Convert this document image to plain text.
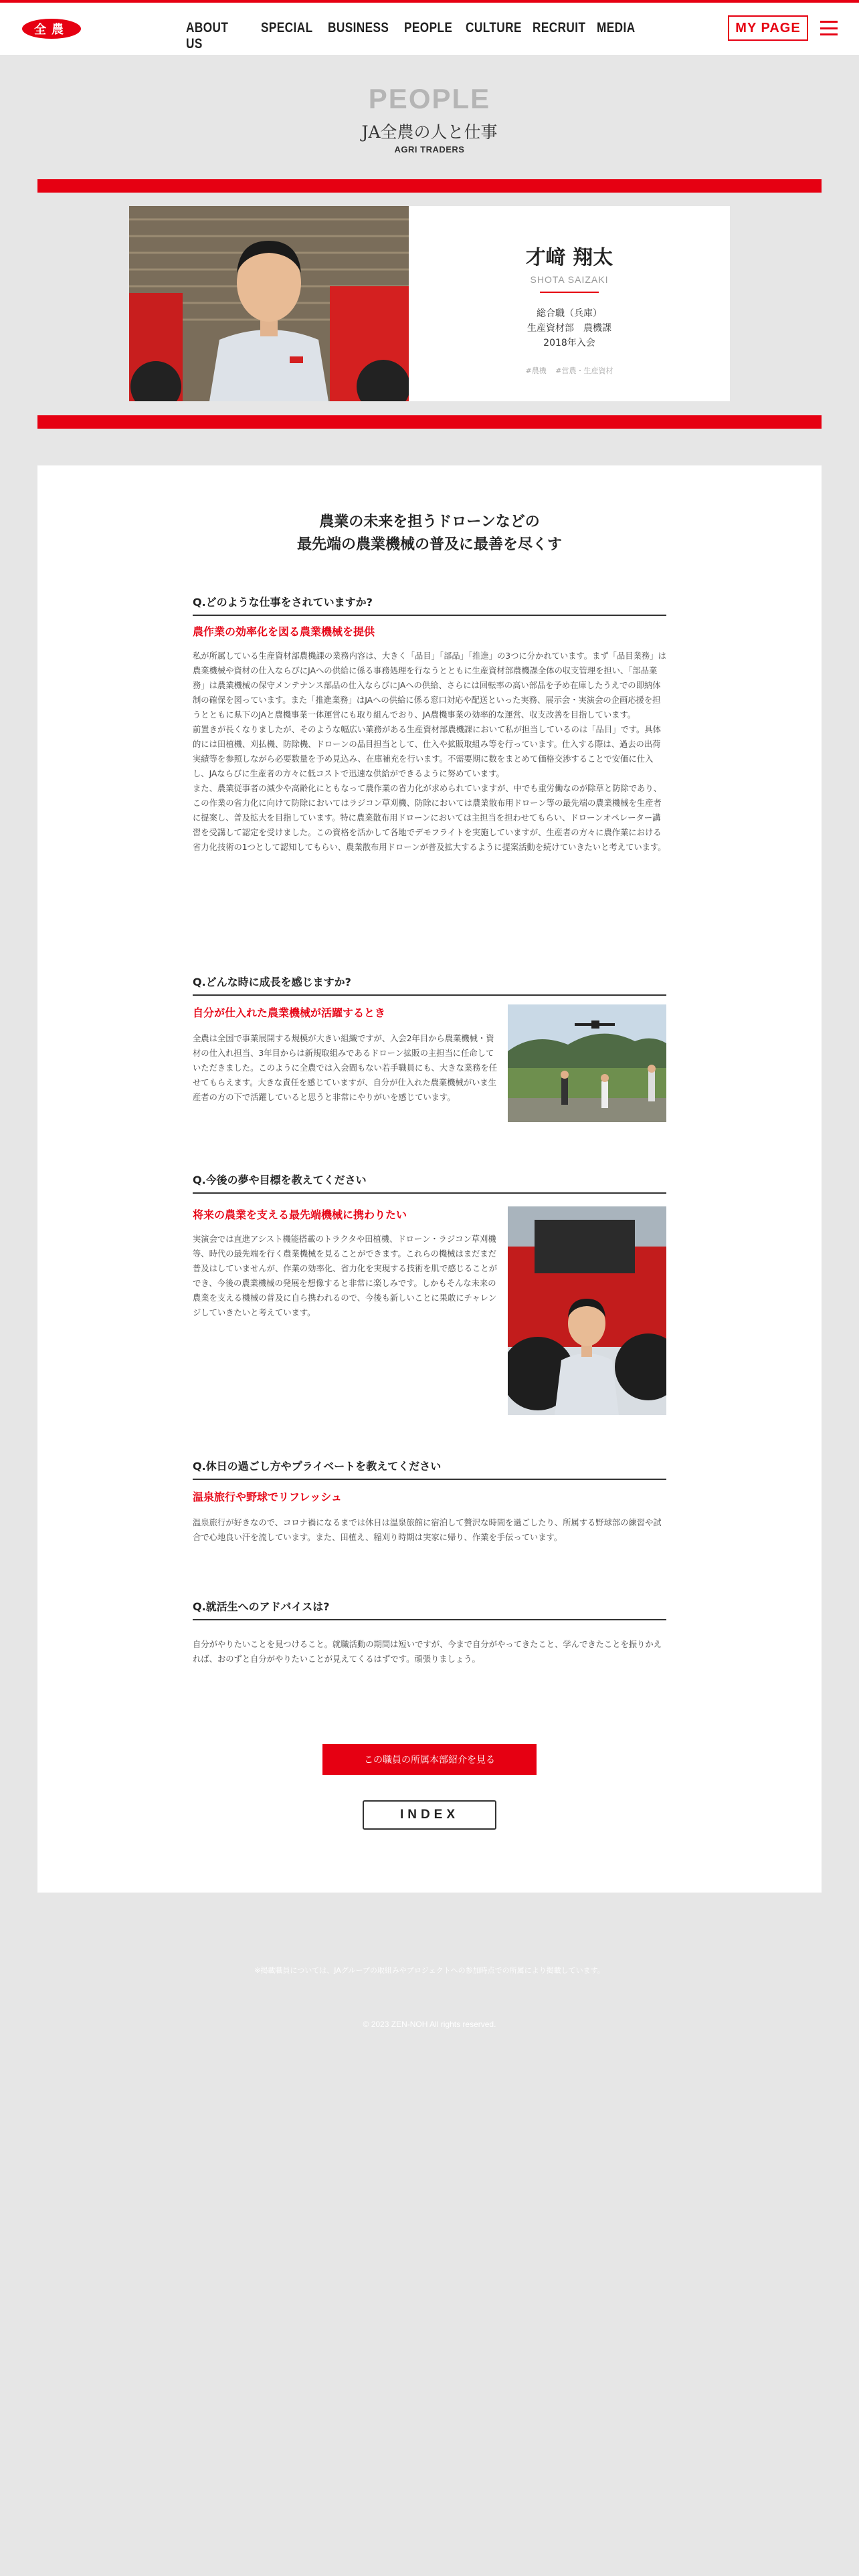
全農	ABOUT US
SPECIAL BUSINESS PEOPLE CULTURE RECRUIT MEDIA	MY PAGE
PEOPLE
JA全農の人と仕事
AGRI TRADERS
才﨑 翔太
SHOTA SAIZAKI
総合職（兵庫）
生産資材部　農機課
2018年入会
#農機 #営農・生産資材
農業の未来を担うドローンなどの
最先端の農業機械の普及に最善を尽くす
Q.どのような仕事をされていますか?
農作業の効率化を図る農業機械を提供

私が所属している生産資材部農機課の業務内容は、大きく「品目」「部品」「推進」の3つに分かれています。まず「品目業務」は農業機械や資材の仕入ならびにJAへの供給に係る事務処理を行なうとともに生産資材部農機課全体の収支管理を担い、「部品業務」は農業機械の保守メンテナンス部品の仕入ならびにJAへの供給、さらには回転率の高い部品を予め在庫したうえでの即納体制の確保を図っています。また「推進業務」はJAへの供給に係る窓口対応や配送といった実務、展示会・実演会の企画応援を担うとともに県下のJAと農機事業一体運営にも取り組んでおり、JA農機事業の効率的な運営、収支改善を目指しています。

前置きが長くなりましたが、そのような幅広い業務がある生産資材部農機課において私が担当しているのは「品目」です。具体的には田植機、刈払機、防除機、ドローンの品目担当として、仕入や拡販取組み等を行っています。仕入する際は、過去の出荷実績等を参照しながら必要数量を予め見込み、在庫補充を行います。不需要期に数をまとめて価格交渉することで安価に仕入し、JAならびに生産者の方々に低コストで迅速な供給ができるように努めています。

また、農業従事者の減少や高齢化にともなって農作業の省力化が求められていますが、中でも重労働なのが除草と防除であり、この作業の省力化に向けて防除においてはラジコン草刈機、防除においては農業散布用ドローン等の最先端の農業機械を生産者に提案し、普及拡大を目指しています。特に農業散布用ドローンにおいては主担当を担わせてもらい、ドローンオペレーター講習を受講して認定を受けました。この資格を活かして各地でデモフライトを実施していますが、生産者の方々に農作業における省力化技術の1つとして認知してもらい、農業散布用ドローンが普及拡大するように提案活動を続けていきたいと考えています。

Q.どんな時に成長を感じますか?
自分が仕入れた農業機械が活躍するとき

全農は全国で事業展開する規模が大きい組織ですが、入会2年目から農業機械・資材の仕入れ担当、3年目からは新規取組みであるドローン拡販の主担当に任命していただきました。このように全農では入会間もない若手職員にも、大きな業務を任せてもらえます。大きな責任を感じていますが、自分が仕入れた農業機械がいま生産者の方の下で活躍していると思うと非常にやりがいを感じています。

Q.今後の夢や目標を教えてください
将来の農業を支える最先端機械に携わりたい

実演会では直進アシスト機能搭載のトラクタや田植機、ドローン・ラジコン草刈機等、時代の最先端を行く農業機械を見ることができます。これらの機械はまだまだ普及はしていませんが、作業の効率化、省力化を実現する技術を肌で感じることができ、今後の農業機械の発展を想像すると非常に楽しみです。しかもそんな未来の農業を支える機械の普及に自ら携われるので、今後も新しいことに果敢にチャレンジしていきたいと考えています。

Q.休日の過ごし方やプライベートを教えてください
温泉旅行や野球でリフレッシュ

温泉旅行が好きなので、コロナ禍になるまでは休日は温泉旅館に宿泊して贅沢な時間を過ごしたり、所属する野球部の練習や試合で心地良い汗を流しています。また、田植え、稲刈り時期は実家に帰り、作業を手伝っています。

Q.就活生へのアドバイスは?

自分がやりたいことを見つけること。就職活動の期間は短いですが、今まで自分がやってきたこと、学んできたことを振りかえれば、おのずと自分がやりたいことが見えてくるはずです。頑張りましょう。

この職員の所属本部紹介を見る
INDEX
※掲載職員については、JAグループの取組みやプロジェクトへの参加時点での所属により掲載しています。
© 2023 ZEN-NOH All rights reserved.
